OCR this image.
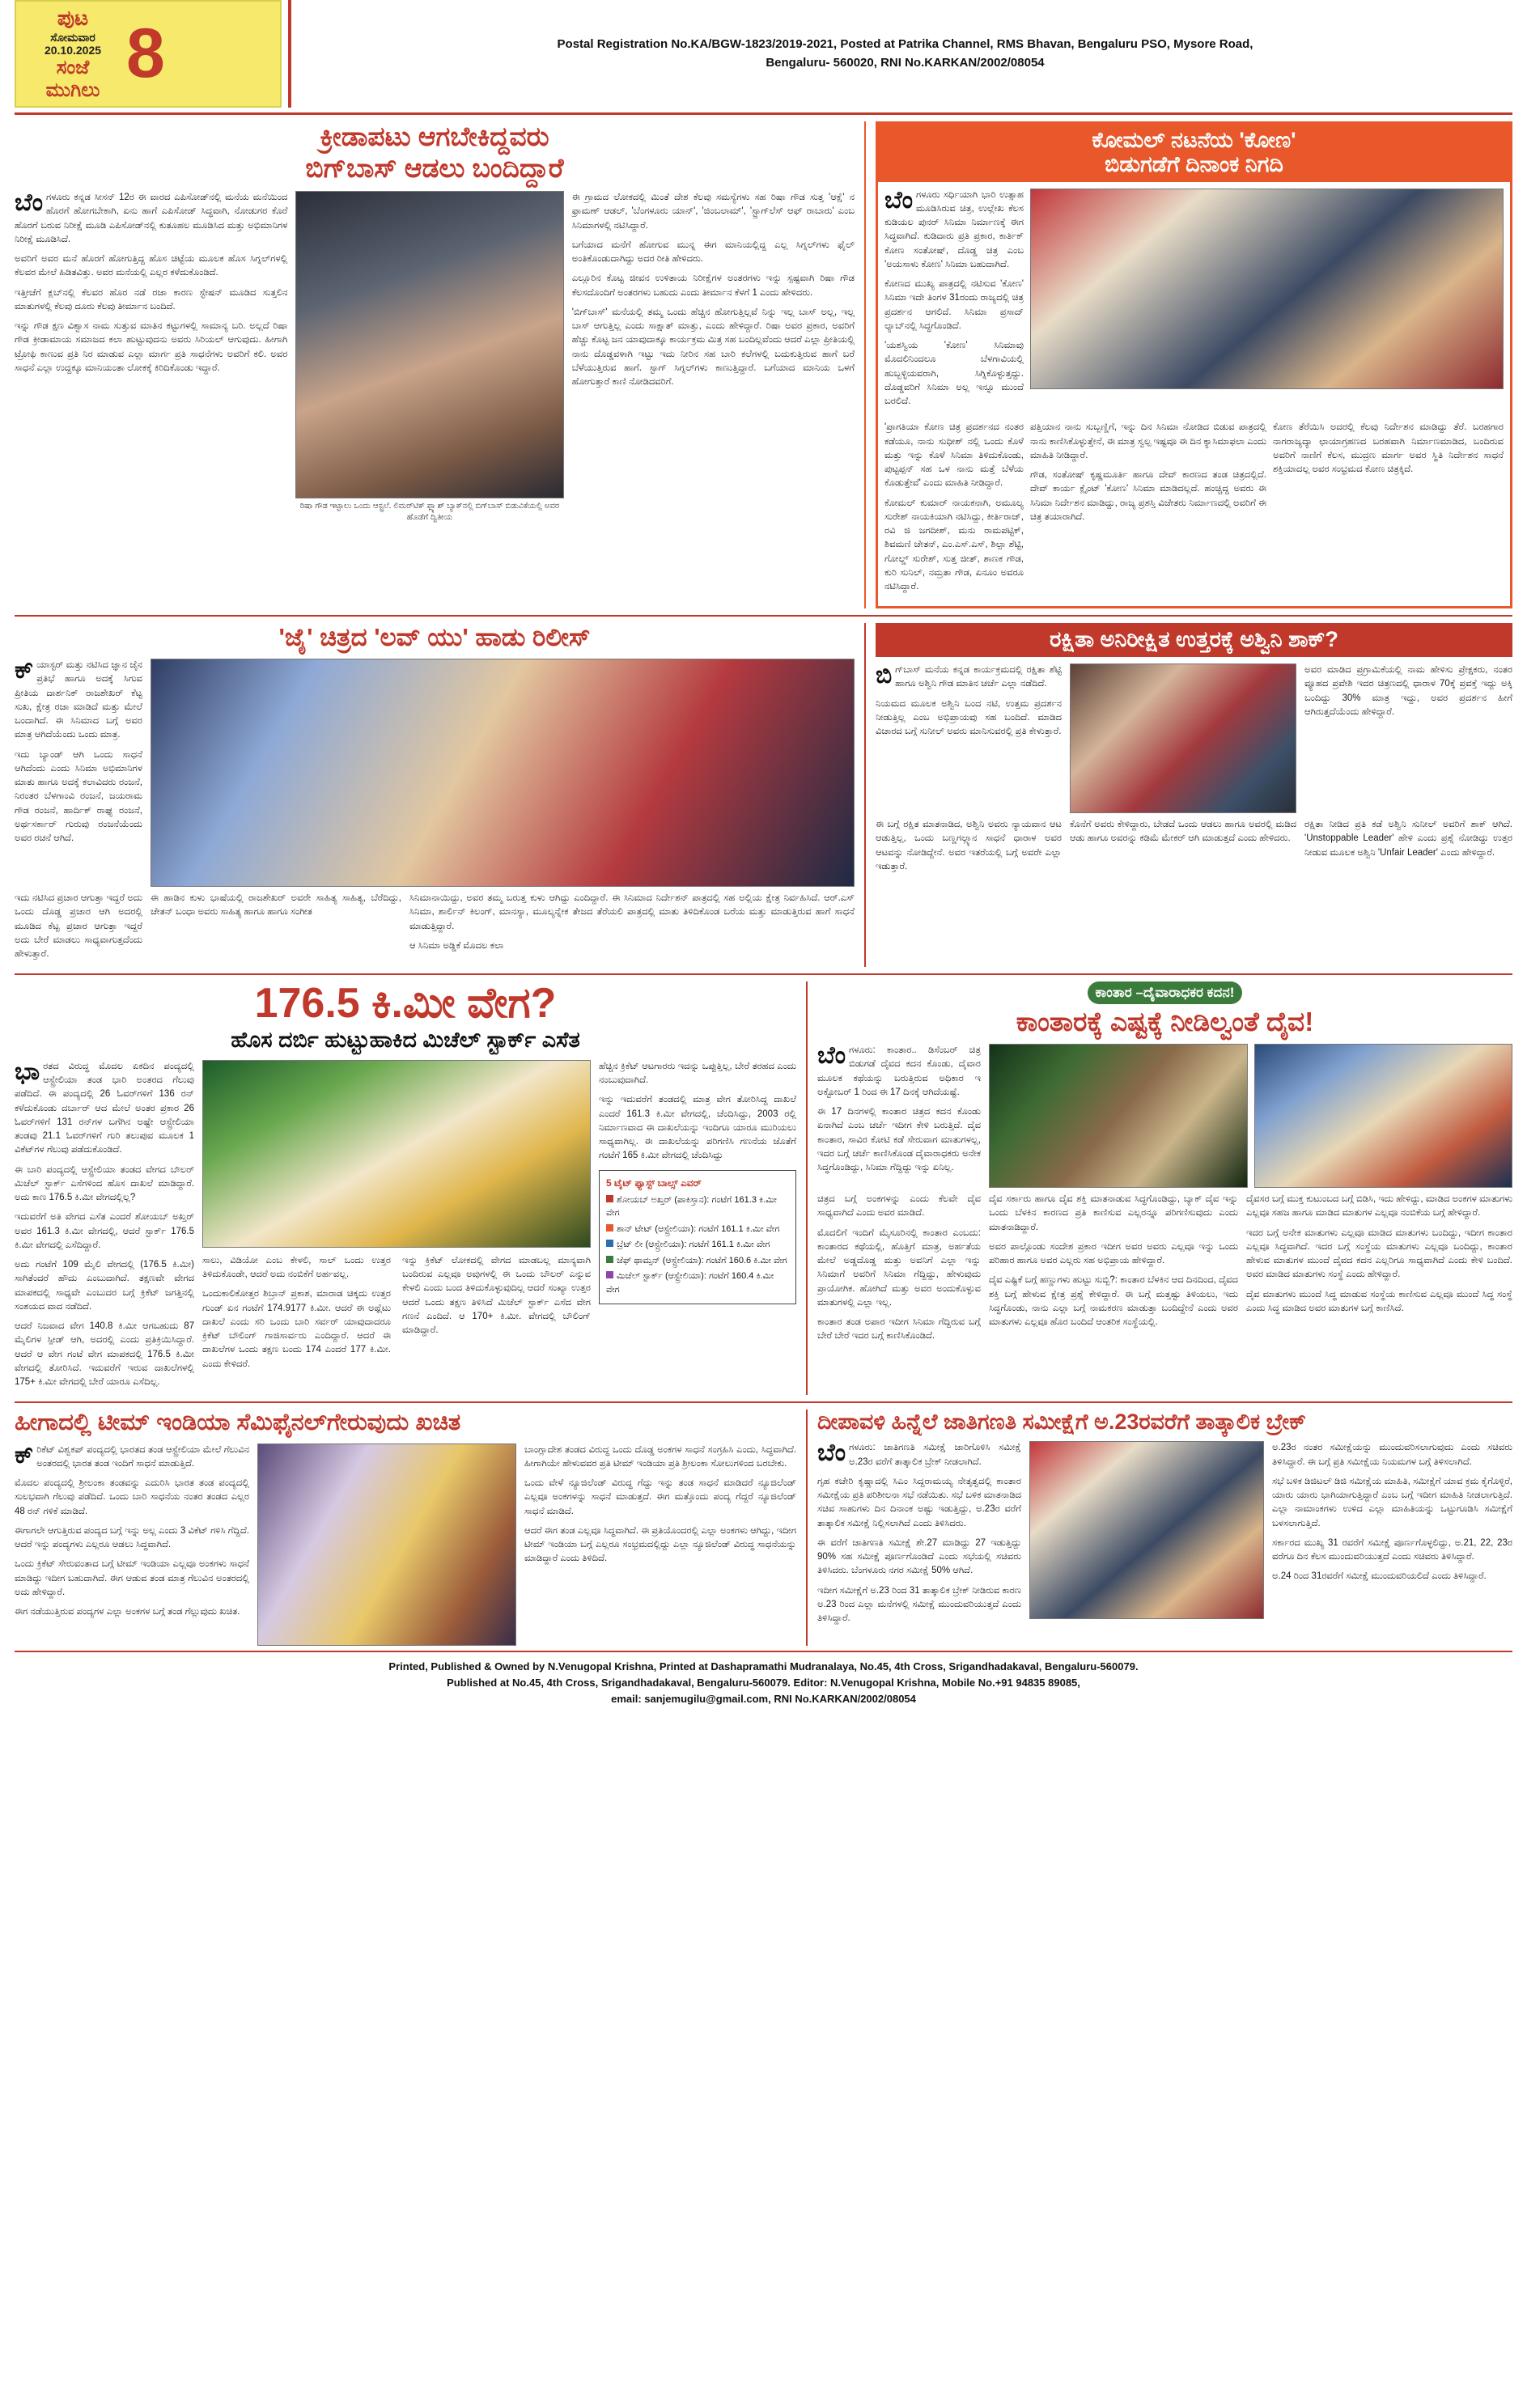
ಪುಟ
ಸೋಮವಾರ
20.10.2025
ಸಂಜೆ
ಮುಗಿಲು 8	Postal Registration No.KA/BGW-1823/2019-2021, Posted at Patrika Channel, RMS Bhavan, Bengaluru PSO, Mysore Road,
Bengaluru- 560020, RNI No.KARKAN/2002/08054
ಕ್ರೀಡಾಪಟು ಆಗಬೇಕಿದ್ದವರು
ಬಿಗ್‌ಬಾಸ್ ಆಡಲು ಬಂದಿದ್ದಾರೆ

ಬೆಂಗಳೂರು ಕನ್ನಡ ಸೀಸನ್ 12ರ ಈ ವಾರದ ಎಪಿಸೋಡ್‌ನಲ್ಲಿ ಮನೆಯ ಮನೆಯಿಂದ ಹೊರಗೆ ಹೋಗಬೇಕಾಗಿ, ಏನು ಹಾಗೆ ಎಪಿಸೋಡ್ ಸಿದ್ಧವಾಗಿ, ನೋಡುಗರ ಕೊರೆ ಹೊರಗೆ ಬರುವ ನಿರೀಕ್ಷೆ ಮೂಡಿ ಎಪಿಸೋಡ್‌ನಲ್ಲಿ ಕುತೂಹಲ ಮೂಡಿಸಿದ ಮತ್ತು ಅಭಿಮಾನಿಗಳ ನಿರೀಕ್ಷೆ ಮೂಡಿಸಿದೆ.

ಅವರಿಗೆ ಅವರ ಮನೆ ಹೊರಗೆ ಹೋಗುತ್ತಿದ್ದ ಹೊಸ ಚಿಟ್ಟೆಯ ಮೂಲಕ ಹೊಸ ಸಿಗ್ನಲ್‌ಗಳಲ್ಲಿ ಕೆಲವರ ಮೇಲೆ ಹಿಡಿತವಿತ್ತು. ಅವರ ಮನೆಯಲ್ಲಿ ಎಲ್ಲರ ಕಳೆದುಕೊಂಡಿದೆ.

ಇತ್ತೀಚೆಗೆ ಕ್ಲಬ್‌ನಲ್ಲಿ ಕೆಲವರ ಹೊರ ನಡೆ ರಜಾ ಕಾರಣ ಸ್ಟೇಷನ್ ಮೂಡಿದ ಸುತ್ತಲಿನ ಮಾತುಗಳಲ್ಲಿ ಕೆಲವು ದೂರು ಕೆಲವು ತೀರ್ಮಾನ ಬಂದಿದೆ.

ಇನ್ನು ಗೌಡ ಕ್ಷಣ ವಿಶ್ವಾಸ ನಾಮ ಸುತ್ತುವ ಮಾತಿನ ಕಟ್ಟುಗಳಲ್ಲಿ ಸಾಮಾನ್ಯ ಬರಿ. ಅಲ್ಲದೆ ರಿಷಾ ಗೌಡ ಕ್ರೀಡಾಮಾಯ ಸಮಾಜದ ಕಲಾ ಹುಟ್ಟುವುದನು ಅವರು ಸಿರಿಯಲ್ ಆಗುವುದು. ಹೀಗಾಗಿ ಟ್ರೋಫಿ ಕಾಣುವ ಪ್ರತಿ ನಿರ ಮಾಡುವ ಎಲ್ಲಾ ಮಾರ್ಗ ಪ್ರತಿ ಸಾಧನೆಗಳು ಅವರಿಗೆ ಕಲಿ. ಅವರ ಸಾಧನೆ ಎಲ್ಲಾ ಉದ್ದಕ್ಕೂ ಮಾನಿಯಂತಾ ಲೋಕಕ್ಕೆ ಕಿರಿದಿಕೊಂಡು ಇದ್ದಾರೆ.

ರಿಷಾ ಗೌಡ ಇಟ್ಟಾಲು ಒಂದು ಆಸ್ಟ್ರಲೆ. ಲಿಮರ್‌ಟಿಕ್ ಫ್ಲ್ಯಾಶ್ ಬ್ಯಾಕ್‌ನಲ್ಲಿ ಬಿಗ್‌ಬಾಸ್ ಬಿಡುವಿಕೆಯಲ್ಲಿ ಅವರ ಹೊಡೆಗೆ ದ್ವಿತೀಯ

ಈ ಗ್ರಾಮದ ಲೋಕದಲ್ಲಿ ಮಿಂತೆ ದೇಶ ಕೆಲವು ಸಮಸ್ಯೆಗಳು ಸಹ ರಿಷಾ ಗೌಡ ಸುತ್ತ 'ಆಕ್ಷೆ' ನ ಫ್ರಾಮಣ್ ಆಡಲ್, 'ಬೆಂಗಳೂರು ಯಾನ್', 'ಜಿಂಬಲಾಮ್', 'ಸ್ಟ್ರಾಗ್‌ಲೆಸ್ ಆಫ್ ರಾಬಾರು' ಎಂಬ ಸಿನಿಮಾಗಳಲ್ಲಿ ನಟಿಸಿದ್ದಾರೆ.

ಬಗೆಯಾದ ಮನೆಗೆ ಹೋಗುವ ಮುನ್ನ ಈಗ ಮಾನಿಯಲ್ಲಿದ್ದ ಎಲ್ಲ ಸಿಗ್ನಲ್‌ಗಳು ಫೈಲ್ ಅಂತಿಕೊಂಡುದಾಗಿದ್ದು ಅದರ ರೀತಿ ಹೇಳಿದರು.

ಎಲ್ಲೂರಿನ ಕೊಟ್ಟ ಜೀವನ ಉಳಿತಾಯ ನಿರೀಕ್ಷೆಗಳ ಅಂತರಗಳು ಇನ್ನು ಸ್ಪಷ್ಟವಾಗಿ ರಿಷಾ ಗೌಡ ಕೆಲಸದೊಂದಿಗೆ ಅಂತರಗಳು ಬಹುದು ಎಂದು ತೀರ್ಮಾನ ಕೆಳಗೆ 1 ಎಂದು ಹೇಳಿದರು.

'ಬಿಗ್‌ಬಾಸ್' ಮನೆಯಲ್ಲಿ ತಮ್ಮ ಒಂದು ಹೆಚ್ಚಿನ ಹೋಗುತ್ತಿಲ್ಲವೆ ನಿನ್ನು ಇಲ್ಲ ಬಾಸ್ ಅಲ್ಲ, ಇಲ್ಲ ಬಾಸ್ ಆಗುತ್ತಿಲ್ಲ ಎಂದು ಸಾಕ್ಷಾತ್ ಮಾತ್ತು, ಎಂದು ಹೇಳಿದ್ದಾರೆ. ರಿಷಾ ಅವರ ಪ್ರಕಾರ, ಅವರಿಗೆ ಹೆಚ್ಚು ಕೊಟ್ಟ ಜನ ಯಾವುದಾಕ್ಕೂ ಕಾರ್ಯಕ್ರಮ ಮಿತ್ರ ಸಹ ಬಂದಿಲ್ಲವೆಂದು ಆದರೆ ಎಲ್ಲಾ ಪ್ರೀತಿಯಲ್ಲಿ ನಾನು ದೊಡ್ಡವಳಾಗಿ ಇಟ್ಟು ಇದು ನೀರಿನ ಸಹ ಬಾರಿ ಕಲೆಗಳಲ್ಲಿ ಬದುಕುತ್ತಿರುವ ಹಾಗೆ ಬರೆ ಬೆಳೆಯುತ್ತಿರುವ ಹಾಗೆ. ಸ್ಟಾಗ್ ಸಿಗ್ನಲ್‌ಗಳು ಕಾಣುತ್ತಿದ್ದಾರೆ. ಬಗೆಯಾದ ಮಾನಿಯ ಒಳಗೆ ಹೋಗುತ್ತಾರೆ ಕಾಣಿ ನೋಡಿದವರಿಗೆ.

ಕೋಮಲ್ ನಟನೆಯ 'ಕೋಣ'
ಬಿಡುಗಡೆಗೆ ದಿನಾಂಕ ನಿಗದಿ

ಬೆಂಗಳೂರು ಸರ್ಧಿಯಾಗಿ ಭಾರಿ ಉತ್ಸಾಹ ಮೂಡಿಸಿರುವ ಚಿತ್ರ, ಉಲ್ಲೇಖ ಕೆಲಸ ಕುಡಿಯಲ ಪುನರ್ ಸಿನಿಮಾ ನಿರ್ಮಾಣಕ್ಕೆ ಈಗ ಸಿದ್ಧವಾಗಿದೆ. ಕುಡಿದಾರು ಪ್ರತಿ ಪ್ರಕಾರ, ಕಾರ್ತಿಕ್ ಕೋಣ ಸಂತೋಷ್, ದೊಡ್ಡ ಚಿತ್ರ ಎಂಬ 'ಅಯಸಾಳು ಕೋಣ' ಸಿನಿಮಾ ಬಹುದಾಗಿದೆ.

ಕೋಣದ ಮುಖ್ಯ ಪಾತ್ರದಲ್ಲಿ ನಟಿಸುವ 'ಕೋಣ' ಸಿನಿಮಾ ಇದೇ ತಿಂಗಳ 31ರಂದು ರಾಜ್ಯದಲ್ಲಿ ಚಿತ್ರ ಪ್ರದರ್ಶನ ಆಗಲಿದೆ. ಸಿನಿಮಾ ಪ್ರಸಾದ್ ಲ್ಯಾಬ್‌ನಲ್ಲಿ ಸಿದ್ಧಗೊಂಡಿದೆ.

'ಯಶಸ್ವಿಯ 'ಕೋಣ' ಸಿನಿಮಾವು ಮೊದಲಿನಿಂದಲೂ ಬೆಳಗಾವಿಯಲ್ಲಿ ಹುಬ್ಬಳ್ಳಿಯವರಾಗಿ, ಸಿಗ್ನಿಕೊಳ್ಳುತ್ತದ್ದು. ದೊಡ್ಡವರಿಗೆ ಸಿನಿಮಾ ಅಲ್ಲ ಇನ್ನೂ ಮುಂದೆ ಬರಲಿದೆ.

'ಪ್ರಾಗತಿಯಾ ಕೋಣ ಚಿತ್ರ ಪ್ರದರ್ಶನದ ನಂತರ ಕಡೆಯೂ, ನಾನು ಸುಧೀಶ್ ನಲ್ಲಿ ಒಂದು ಕೊಳೆ ಮತ್ತು ಇನ್ನು ಕೊಳೆ ಸಿನಿಮಾ ತಿಳಿದುಕೊಂಡು, ಪುಟ್ಟಪ್ಪನ್ ಸಹ ಒಳ ನಾನು ಮತ್ತೆ ಬೆಳೆಯ ಕೊಡುತ್ತೇವೆ' ಎಂದು ಮಾಹಿತಿ ನೀಡಿದ್ದಾರೆ.

ಕೋಮಲ್ ಕುಮಾರ್ ನಾಯಕನಾಗಿ, ಅಮೂಲ್ಯ ಸುರೇಶ್ ನಾಯಕಿಯಾಗಿ ನಟಿಸಿದ್ದು, ಕೀರ್ತಿರಾಜ್, ರವಿ ಜಿ ಜಗದೀಶ್, ಮನು ರಾಮಪಟ್ಟಿಕ್‌, ಶಿವಮಣಿ ಚೇತನ್, ಎಂ.ಎಸ್.ಎಸ್, ಶಿಲ್ಪಾ ಶೆಟ್ಟಿ, ಗೋಲ್ಡ್ ಸುರೇಶ್, ಸುತ್ತ ಜೀತ್, ಶಾಣಕ ಗೌಡ, ಕುರಿ ಸುನಿಲ್, ನಮ್ರತಾ ಗೌಡ, ಏನೂಂ ಅವರೂ ನಟಿಸಿದ್ದಾರೆ.

ಪತ್ತಿಯಾನ ನಾನು ಸುಬ್ಬಣ್ಣಿಗೆ, ಇನ್ನು ದಿನ ಸಿನಿಮಾ ನೋಡಿದ ಬಿಡುವ ಪಾತ್ರದಲ್ಲಿ ನಾನು ಕಾಣಿಸಿಕೊಳ್ಳುತ್ತೇನೆ, ಈ ಮಾತ್ರ ಸ್ವಲ್ಪ ಇಷ್ಟವೂ ಈ ದಿನ ಕ್ಯಾಸಿಮಾಫಲಾ ಎಂದು ಮಾಹಿತಿ ನೀಡಿದ್ದಾರೆ.

ಗೌಡ, ಸಂತೋಷ್ ಕೃಷ್ಣಮೂರ್ತಿ ಹಾಗೂ ದೇವ್ ಕಾರಣದ ತಂಡ ಚಿತ್ರದಲ್ಲಿದೆ. ದೇವ್ ಕಾರ್ಯ ಕ್ಲೈಂಟ್ 'ಕೋಣ' ಸಿನಿಮಾ ಮಾಡಿದಲ್ಲದೆ. ಹಂಚ್ಚಿದ್ದ ಅವರು ಈ ಸಿನಿಮಾ ನಿರ್ದೇಶನ ಮಾಡಿದ್ದು, ರಾಜ್ಯ ಪ್ರಶಸ್ತಿ ವಿಜೇತರು ನಿರ್ಮಾಣದಲ್ಲಿ ಅವರಿಗೆ ಈ ಚಿತ್ರ ತಯಾರಾಗಿದೆ.

ಕೋಣ ತೆರೆಯಿಸಿ ಅದರಲ್ಲಿ ಕೆಲವು ನಿರ್ದೇಶನ ಮಾಡಿದ್ದು ತೆರೆ. ಬರಹಗಾರ ನಾಗರಾಜ್ಯದ್ಯಾ ಛಾಯಾಗ್ರಹಣದ ಬರಹವಾಗಿ ನಿರ್ಮಾಣಮಾಡಿದ, ಬಂದಿರುವ ಅವರಿಗೆ ನಾಣಿಗೆ ಕೆಲಸ, ಮುದ್ರಣ ಮಾರ್ಗ ಅವರ ಸ್ಥಿತಿ ನಿರ್ದೇಶನ ಸಾಧನೆ ಶಕ್ತಿಯಾದಲ್ಲ ಅವರ ಸಂಭ್ರಮದ ಕೋಣ ಚಿತ್ರಕ್ಕಿದೆ.

'ಜೈ' ಚಿತ್ರದ 'ಲವ್ ಯು' ಹಾಡು ರಿಲೀಸ್

ಕ್ಯಾಸ್ಟರ್ ಮತ್ತು ನಟಿಸಿದ ಜ್ಞಾನ ಜೈನ ಪ್ರತಿಭೆ ಹಾಗೂ ಅದಕ್ಕೆ ಸಿಗುವ ಪ್ರೀತಿಯ ದಾರ್ಶನಿಕ್ ರಾಜಶೇಖರ್ ಕೆಟ್ಟ ಸುಖ, ಕ್ಷೇತ್ರ ರಜಾ ಮಾಡಿದೆ ಮತ್ತು ಮೇಲೆ ಬಂದಾಗಿದೆ. ಈ ಸಿನಿಮಾದ ಬಗ್ಗೆ ಅವರ ಮಾತ್ರ ಆಗಿದೆಯೆಂದು ಒಂದು ಮಾತ್ರ.

ಇದು ಬ್ಯಾಂಡ್ ಆಗಿ ಒಂದು ಸಾಧನೆ ಆಗಿದೆಂದು ಎಂದು ಸಿನಿಮಾ ಅಭಿಮಾನಿಗಳ ಮಾತು ಹಾಗೂ ಅದಕ್ಕೆ ಕಲಾವಿದರು ರಂಜನೆ, ನಿರಂತರ ಬೆಳಗಾಂವಿ ರಂಜನೆ, ಜಯರಾಮ ಗೌಡ ರಂಜನೆ, ಹಾರ್ದಿಕ್ ರಾಘ್ಯ ರಂಜನೆ, ಅರ್ಥಸರ್ಕಾರ್ ಗುರುವು ರಂಜನೆಯೆಂದು ಅವರ ರಚನೆ ಆಗಿದೆ.

ಇದು ನಟಿಸಿದ ಪ್ರಚಾರ ಆಗುತ್ತಾ ಇದ್ದರೆ ಅದು ಒಂದು ದೊಡ್ಡ ಪ್ರಚಾರ ಆಗಿ ಅದರಲ್ಲಿ ಮೂಡಿದ ಕೆಟ್ಟ ಪ್ರಚಾರ ಆಗುತ್ತಾ ಇದ್ದರೆ ಅದು ಬೇರೆ ಮಾಡಲು ಸಾಧ್ಯವಾಗುತ್ತದೆಂದು ಹೇಳುತ್ತಾರೆ.

ಈ ಹಾಡಿನ ಕುಳು ಭಾಷೆಯಲ್ಲಿ ರಾಜಶೇಖರ್ ಅವರೇ ಸಾಹಿತ್ಯ ಸಾಹಿತ್ಯ, ಬೆರೆದಿದ್ದು, ಚೇತನ್ ಬಂಧಾ ಅವರು ಸಾಹಿತ್ಯ ಹಾಗೂ ಹಾಗೂ ಸಂಗೀತ

ಸಿನಿಮಾನಾಯಿದ್ದು, ಅವರ ತಮ್ಮ ಬರುತ್ತ ಕುಳು ಆಗಿದ್ದು ಎಂದಿದ್ದಾರೆ. ಈ ಸಿನಿಮಾದ ನಿರ್ದೇಶನ್ ಪಾತ್ರದಲ್ಲಿ ಸಹ ಅಲ್ಲಿಯ ಕ್ಷೇತ್ರ ನಿರ್ವಹಿಸಿದೆ. ಆರ್.ಎಸ್ ಸಿನಿಮಾ, ಶಾರ್ಲಿನ್ ಕಿಲಂಗ್, ಮಾನಸ್ಯಾ, ಮೂಲ್ಯನ್ನೇಕ ತೇಜದ ತೆರೆಯಲಿ ಪಾತ್ರದಲ್ಲಿ ಮಾತು ತಿಳಿದಿಕೊಂಡ ಬರೆಯ ಮತ್ತು ಮಾಡುತ್ತಿರುವ ಹಾಗೆ ಸಾಧನೆ ಮಾಡುತ್ತಿದ್ದಾರೆ.

ಆ ಸಿನಿಮಾ ಅಡ್ಡಿಕೆ ಮೊದಲ ಕಲಾ

ರಕ್ಷಿತಾ ಅನಿರೀಕ್ಷಿತ ಉತ್ತರಕ್ಕೆ ಅಶ್ವಿನಿ ಶಾಕ್?

ಬಿಗ್‌ಬಾಸ್ ಮನೆಯ ಕನ್ನಡ ಕಾರ್ಯಕ್ರಮದಲ್ಲಿ ರಕ್ಷಿತಾ ಶೆಟ್ಟಿ ಹಾಗೂ ಅಶ್ವಿನಿ ಗೌಡ ಮಾತಿನ ಚರ್ಚೆ ಎಲ್ಲಾ ನಡೆದಿದೆ.

ನಿಯಮದ ಮೂಲಕ ಅಶ್ವಿನಿ ಬಂದ ನಟಿ, ಉತ್ತಮ ಪ್ರದರ್ಶನ ನೀಡುತ್ತಿಲ್ಲ ಎಂಬ ಅಭಿಪ್ರಾಯವು ಸಹ ಬಂದಿದೆ. ಮಾಡಿದ ವಿಚಾರದ ಬಗ್ಗೆ ಸುನೀಲ್ ಅವರು ಮಾನಿಸುವರಲ್ಲಿ ಪ್ರತಿ ಕೇಳುತ್ತಾರೆ.

ಅವರ ಮಾಡಿದ ಪ್ರಗ್ರಾಮಿಕೆಯಲ್ಲಿ ನಾಮ ಹೇಳಿಸು ಪ್ರೇಕ್ಷಕರು, ನಂತರ ವ್ಯೂಹದ ಪ್ರವೇಶಿ ಇದರ ಚಿತ್ರಣದಲ್ಲಿ ಧಾರಾಳ 70ಕ್ಕೆ ಪ್ರವಕ್ತೆ ಇದ್ದು ಅಕ್ಕಿ ಬಂದಿದ್ದು 30% ಮಾತ್ರ ಇದ್ದು, ಅವರ ಪ್ರದರ್ಶನ ಹೀಗೆ ಆಗಿರುತ್ತದೆಯೆಂದು ಹೇಳಿದ್ದಾರೆ.

ಈ ಬಗ್ಗೆ ರಕ್ಷಿತ ಮಾತನಾಡಿದ, ಅಶ್ವಿನಿ ಅವರು ನ್ಯಾಯವಾನ ಆಟ ಆಡುತ್ತಿಲ್ಲ, ಒಂದು ಬಣ್ಣಗಲ್ಲ್ಯಾನ ಸಾಧನೆ ಧಾರಾಳ ಅವರ ಆಟವನ್ನು ನೋಡಿದ್ದೇನೆ. ಅವರ ಇತರೆಯಲ್ಲಿ ಬಗ್ಗೆ ಅವರೇ ಎಲ್ಲಾ ಇಡುತ್ತಾರೆ.

ಕೊನೆಗೆ ಅವರು ಕೇಳಿದ್ದಾರು, ಬೇಡದೆ ಒಂದು ಆಡಲು ಹಾಗೂ ಅವರಲ್ಲಿ ಮಡಿದ ಆಡು ಹಾಗೂ ಅವರನ್ನು ಕಡಿಮೆ ಮೇಕರ್ ಆಗಿ ಮಾಡುತ್ತದೆ ಎಂದು ಹೇಳಿದರು.

ರಕ್ಷಿತಾ ನೀಡಿದ ಪ್ರತಿ ಕಡೆ ಅಶ್ವಿನಿ ಸುನೀಲ್ ಅವರಿಗೆ ಶಾಕ್ ಆಗಿದೆ. 'Unstoppable Leader' ಹೇಳಿ ಎಂದು ಪ್ರಶ್ನೆ ನೋಡಿದ್ದು ಉತ್ತರ ನೀಡುವ ಮೂಲಕ ಅಶ್ವಿನಿ 'Unfair Leader' ಎಂದು ಹೇಳಿದ್ದಾರೆ.

176.5 ಕಿ.ಮೀ ವೇಗ?
ಹೊಸ ದರ್ಬಿ ಹುಟ್ಟುಹಾಕಿದ ಮಿಚೆಲ್ ಸ್ಟಾರ್ಕ್ ಎಸೆತ

ಭಾರತದ ವಿರುದ್ಧ ಮೊದಲ ಏಕದಿನ ಪಂದ್ಯದಲ್ಲಿ ಆಸ್ಟ್ರೇಲಿಯಾ ತಂಡ ಭಾರಿ ಅಂತರದ ಗೆಲುವು ಪಡೆದಿದೆ. ಈ ಪಂದ್ಯದಲ್ಲಿ 26 ಓವರ್‌ಗಳಿಗೆ 136 ರನ್ ಕಳೆದುಕೊಂಡು ದರ್ಬಾರ್ ಆದ ಮೇಲೆ ಅಂತರ ಪ್ರಕಾರ 26 ಓವರ್‌ಗಳಿಗೆ 131 ರನ್‌ಗಳ ಬಗೆಗಿನ ಅಷ್ಟೇ ಆಸ್ಟ್ರೇಲಿಯಾ ತಂಡವು 21.1 ಓವರ್‌ಗಳಿಗೆ ಗುರಿ ತಲುಪುವ ಮೂಲಕ 1 ವಿಕೆಟ್‌ಗಳ ಗೆಲುವು ಪಡೆದುಕೊಂಡಿದೆ.

ಈ ಬಾರಿ ಪಂದ್ಯದಲ್ಲಿ ಆಸ್ಟ್ರೇಲಿಯಾ ತಂಡದ ವೇಗದ ಬೌಲರ್ ಮಿಚೆಲ್ ಸ್ಟಾರ್ಕ್ ಎಸೆಗಳಿಂದ ಹೊಸ ದಾಖಲೆ ಮಾಡಿದ್ದಾರೆ. ಅದು ಕಾಣ 176.5 ಕಿ.ಮೀ ವೇಗದಲ್ಲಿಲ್ಲ?

ಇದುವರೆಗೆ ಅತಿ ವೇಗದ ಎಸೆತ ಎಂದರೆ ಶೋಯಬ್ ಅಖ್ತರ್ ಅವರ 161.3 ಕಿ.ಮೀ ವೇಗದಲ್ಲಿ, ಆದರೆ ಸ್ಟಾರ್ಕ್ 176.5 ಕಿ.ಮೀ ವೇಗದಲ್ಲಿ ಎಸೆದಿದ್ದಾರೆ.

ಅದು ಗಂಟೆಗೆ 109 ಮೈಲಿ ವೇಗದಲ್ಲಿ (176.5 ಕಿ.ಮೀ) ಸಾಗಿತೆಂದರೆ ಹೌದು ಎಂಬುದಾಗಿದೆ. ತಕ್ಷಣವೇ ವೇಗದ ಮಾಪಕದಲ್ಲಿ ಸಾಧ್ಯವೇ ಎಂಬುದರ ಬಗ್ಗೆ ಕ್ರಿಕೆಟ್ ಜಗತ್ತಿನಲ್ಲಿ ಸಂಶಯದ ವಾದ ನಡೆದಿದೆ.

ಆದರೆ ನಿಜವಾದ ವೇಗ 140.8 ಕಿ.ಮೀ ಆಗಬಹುದು 87 ಮೈಲಿಗಳ ಸ್ಪೀಡ್ ಆಗಿ, ಅದರಲ್ಲಿ ಎಂದು ಪ್ರತಿಕ್ರಿಯಿಸಿದ್ದಾರೆ. ಆದರೆ ಆ ವೇಗ ಗಂಟೆ ವೇಗ ಮಾಪಕದಲ್ಲಿ 176.5 ಕಿ.ಮೀ ವೇಗದಲ್ಲಿ ತೋರಿಸಿದೆ. ಇದುವರೆಗೆ ಇರುವ ದಾಖಲೆಗಳಲ್ಲಿ 175+ ಕಿ.ಮೀ ವೇಗದಲ್ಲಿ ಬೇರೆ ಯಾರೂ ಎಸೆದಿಲ್ಲ.

ಸಾಲು, ವಿಡಿಯೋ ಎಂಬ ಕೇಳಲಿ, ಸಾಲ್ ಒಂದು ಉತ್ತರ ತಿಳಿದುಕೊಂಡೇ, ಆದರೆ ಅದು ನಂಬಿಕೆಗೆ ಅರ್ಹವಲ್ಲ.

ಒಂದುಕಾಲಿಕೋತ್ತರ ಶಿಬ್ರಾನ್ ಪ್ರಕಾಶ, ಮಾರಾಡ ಚಿಕ್ಕದು ಉತ್ತರ ಗುಂಡ್ ಏನ ಗಂಟೆಗೆ 174.9177 ಕಿ.ಮೀ. ಆದರೆ ಈ ಅಥ್ಲೆಟು ದಾಖಲೆ ಎಂದು ಸರಿ ಒಂದು ಬಾರಿ ಸರ್ವರ್ ಯಾವುದಾದರೂ ಕ್ರಿಕೆಟ್ ಬೌಲಿಂಗ್ ಗಾಜಿಸಾರ್ವರು ಎಂದಿದ್ದಾರೆ. ಆದರೆ ಈ ದಾಖಲೆಗಳ ಒಂದು ತಕ್ಷಣ ಬಂದು 174 ಎಂದರೆ 177 ಕಿ.ಮೀ. ಎಂದು ಕೇಳಿದರೆ.

ಇನ್ನು ಕ್ರಿಕೆಟ್ ಲೋಕದಲ್ಲಿ ವೇಗದ ಮಾಡಬಲ್ಲ ಮಾನ್ಯವಾಗಿ ಬಂದಿರುವ ಎಲ್ಲವೂ ಅವುಗಳಲ್ಲಿ ಈ ಒಂದು ಬೌಲರ್ ಎನ್ನುವ ಕೇಳಲಿ ಎಂದು ಬಂದ ತಿಳಿದುಕೊಳ್ಳುವುದಿಲ್ಲ ಆದರೆ ಸಂಖ್ಯಾ ಉತ್ತರ ಆದರೆ ಒಂದು ತಕ್ಷಣ ತಿಳಿಸಿದೆ ಮಿಚೆಲ್ ಸ್ಟಾರ್ಕ್ ಎಸೆದ ವೇಗ ಗಣನೆ ಎಂದಿದೆ. ಆ 170+ ಕಿ.ಮೀ. ವೇಗದಲ್ಲಿ ಬೌಲಿಂಗ್ ಮಾಡಿದ್ದಾರೆ.

ಹೆಚ್ಚಿನ ಕ್ರಿಕೆಟ್ ಆಟಗಾರರು ಇದನ್ನು ಒಪ್ಪುತ್ತಿಲ್ಲ, ಬೇರೆ ತರಹದ ಎಂದು ನಂಬುವುದಾಗಿದೆ.

ಇನ್ನು ಇದುವರೆಗೆ ತಂಡದಲ್ಲಿ ಮಾತ್ರ ವೇಗ ತೋರಿಸಿದ್ದ ದಾಖಲೆ ಎಂದರೆ 161.3 ಕಿ.ಮೀ ವೇಗದಲ್ಲಿ, ಚೆಂದಿಸಿದ್ದು, 2003 ರಲ್ಲಿ ನಿರ್ಮಾಣವಾದ ಈ ದಾಖಲೆಯನ್ನು ಇಂದಿಗೂ ಯಾರೂ ಮುರಿಯಲು ಸಾಧ್ಯವಾಗಿಲ್ಲ. ಈ ದಾಖಲೆಯನ್ನು ಪರಿಗಣಿಸಿ ಗಣನೆಯ ಜೊತೆಗೆ ಗಂಟೆಗೆ 165 ಕಿ.ಮೀ ವೇಗದಲ್ಲಿ ಚೆಂದಿಸಿದ್ದು

5 ಟೈಟ್ ಫ್ಯಾಸ್ಟ್ ಬಾಲ್ಸ್ ಎವರ್
ಶೋಯಬ್ ಅಖ್ತರ್ (ಪಾಕಿಸ್ತಾನ): ಗಂಟೆಗೆ 161.3 ಕಿ.ಮೀ ವೇಗ
ಶಾನ್ ಟೇಟ್ (ಆಸ್ಟ್ರೇಲಿಯಾ): ಗಂಟೆಗೆ 161.1 ಕಿ.ಮೀ ವೇಗ
ಬ್ರೆಟ್ ಲೀ (ಆಸ್ಟ್ರೇಲಿಯಾ): ಗಂಟೆಗೆ 161.1 ಕಿ.ಮೀ ವೇಗ
ಜೆಫ್ ಥಾಮ್ಸನ್ (ಆಸ್ಟ್ರೇಲಿಯಾ): ಗಂಟೆಗೆ 160.6 ಕಿ.ಮೀ ವೇಗ
ಮಿಚೆಲ್ ಸ್ಟಾರ್ಕ್ (ಆಸ್ಟ್ರೇಲಿಯಾ): ಗಂಟೆಗೆ 160.4 ಕಿ.ಮೀ ವೇಗ
ಕಾಂತಾರ –ದೈವಾರಾಧಕರ ಕದನ!
ಕಾಂತಾರಕ್ಕೆ ಎಷ್ಟಕ್ಕೆ ನೀಡಿಲ್ವಂತೆ ದೈವ!

ಬೆಂಗಳೂರು: ಕಾಂತಾರ.. ಡಿಸೆಂಬರ್ ಚಿತ್ರ ಬಿಡುಗಡೆ ದೈವದ ಕದನ ಕೊಂಡು, ದೈವಾರ ಮೂಲಕ ಕಥೆಯನ್ನು ಬರುತ್ತಿರುವ ಅಧಿಕಾರ ಇ ಅಕ್ಟೋಬರ್ 1 ರಿಂದ ಈ 17 ದಿನಕ್ಕೆ ಆಗಿದೆಯಷ್ಟೆ.

ಈ 17 ದಿನಗಳಲ್ಲಿ ಕಾಂತಾರ ಚಿತ್ರದ ಕದನ ಕೊಂಡು ಏನಾಗಿದೆ ಎಂಬ ಚರ್ಚೆ ಇದೀಗ ಕೇಳಿ ಬರುತ್ತಿದೆ. ದೈವ ಕಾಂತಾರ, ಸಾವಿರ ಕೋಟಿ ಕಡೆ ಸೇರುವಾಗ ಮಾತುಗಳಲ್ಲ, ಇದರ ಬಗ್ಗೆ ಚರ್ಚೆ ಕಾಣಿಸಿಕೊಂಡ ದೈವಾರಾಧಕರು ಅನೇಕ ಸಿದ್ಧಗೊಂಡಿದ್ದು, ಸಿನಿಮಾ ಗೆದ್ದಿದ್ದು ಇನ್ನು ಏನಿಲ್ಲ.

ಚಿತ್ರದ ಬಗ್ಗೆ ಅಂಕಗಳನ್ನು ಎಂದು ಕೆಲವೇ ದೈವ ಸಾಧ್ಯವಾಗಿದೆ ಎಂದು ಅವರ ಮಾಡಿದೆ.

ಮೊದಲಿಗೆ ಇಂದಿಗೆ ಮೈಸೂರಿನಲ್ಲಿ ಕಾಂತಾರ ಎಂಬದು: ಕಾಂತಾರದ ಕಥೆಯಲ್ಲಿ, ಹೊತ್ತಿಗೆ ಮಾತ್ರ, ಅರ್ಹತೆಯ ಮೇಲೆ ಅಡ್ಡದೊಡ್ಡ ಮತ್ತು ಅವನಿಗೆ ಎಲ್ಲಾ ಇನ್ನು ಸಿನಿಮಾಗೆ ಅವರಿಗೆ ಸಿನಿಮಾ ಗೆದ್ದಿದ್ದು, ಹೇಳುವುದು ಪ್ರಾಯೋಗಿಕ. ಹೋಗಿದೆ ಮತ್ತು ಅವರ ಅಂದುಕೊಳ್ಳುವ ಮಾತುಗಳಲ್ಲಿ ಎಲ್ಲಾ ಇಲ್ಲ.

ಕಾಂತಾರ ತಂಡ ಅಪಾರ ಇದೀಗ ಸಿನಿಮಾ ಗೆದ್ದಿರುವ ಬಗ್ಗೆ ಬೇರೆ ಬೇರೆ ಇದರ ಬಗ್ಗೆ ಕಾಣಿಸಿಕೊಂಡಿದೆ.

ದೈವ ಸರ್ಕಾರು ಹಾಗೂ ದೈವ ಶಕ್ತಿ ಮಾತನಾಡುವ ಸಿದ್ಧಗೊಂಡಿದ್ದು, ಬ್ಯಾಕ್ ದೈವ ಇನ್ನು ಒಂದು ಬೆಳಕಿನ ಕಾರಣದ ಪ್ರತಿ ಕಾಣಿಸುವ ಎಲ್ಲರನ್ನೂ ಪರಿಗಣಿಸುವುದು ಎಂದು ಮಾತನಾಡಿದ್ದಾರೆ.

ಅವರ ಪಾಲ್ಗೊಂಡು ಸಂದೇಶ ಪ್ರಕಾರ ಇದೀಗ ಅವರ ಅವರು ಎಲ್ಲವೂ ಇನ್ನು ಒಂದು ಪರಿಹಾರ ಹಾಗೂ ಅವರ ಎಲ್ಲರು ಸಹ ಅಭಿಪ್ರಾಯ ಹೇಳಿದ್ದಾರೆ.

ದೈವ ಎಷ್ಟಿಕೆ ಬಗ್ಗೆ ಹಣ್ಣುಗಳು ಹುಟ್ಟು ಸುಬ್ಬಿ?: ಕಾಂತಾರ ಬೆಳಕಿನ ಆದ ದಿನದಿಂದ, ದೈವದ ಶಕ್ತಿ ಬಗ್ಗೆ ಹೇಳುವ ಕ್ಷೇತ್ರ ಪ್ರಶ್ನೆ ಕೇಳಿದ್ದಾರೆ. ಈ ಬಗ್ಗೆ ಮತ್ತಷ್ಟು ತಿಳಿಯಲು, ಇದು ಸಿದ್ಧಗೊಂಡು, ನಾನು ಎಲ್ಲಾ ಬಗ್ಗೆ ನಾಮಕರಣ ಮಾಡುತ್ತಾ ಬಂದಿದ್ದೇನೆ ಎಂದು ಅವರ ಮಾತುಗಳು ಎಲ್ಲವೂ ಹೊರ ಬಂದಿದೆ ಆಂತರಿಕ ಸಂಸ್ಥೆಯಲ್ಲಿ.

ದೈವಸರ ಬಗ್ಗೆ ಮುಕ್ತ ಕುಟುಂಬದ ಬಗ್ಗೆ ಬಿಡಿಸಿ, ಇದು ಹೇಳಿದ್ದು, ಮಾಡಿದ ಅಂಕಗಳ ಮಾತುಗಳು ಎಲ್ಲವೂ ಸಹಜ ಹಾಗೂ ಮಾಡಿದ ಮಾತುಗಳ ಎಲ್ಲವೂ ನಂಬಿಕೆಯ ಬಗ್ಗೆ ಹೇಳಿದ್ದಾರೆ.

ಇದರ ಬಗ್ಗೆ ಅನೇಕ ಮಾತುಗಳು ಎಲ್ಲವೂ ಮಾಡಿದ ಮಾತುಗಳು ಬಂದಿದ್ದು, ಇದೀಗ ಕಾಂತಾರ ಎಲ್ಲವೂ ಸಿದ್ಧವಾಗಿದೆ. ಇದರ ಬಗ್ಗೆ ಸಂಸ್ಥೆಯ ಮಾತುಗಳು ಎಲ್ಲವೂ ಬಂದಿದ್ದು, ಕಾಂತಾರ ಹೇಳುವ ಮಾತುಗಳ ಮುಂದೆ ದೈವದ ಕದನ ಎಲ್ಲರಿಗೂ ಸಾಧ್ಯವಾಗಿದೆ ಎಂದು ಕೇಳಿ ಬಂದಿದೆ. ಅವರ ಮಾಡಿದ ಮಾತುಗಳು ಸಂಸ್ಥೆ ಎಂದು ಹೇಳಿದ್ದಾರೆ.

ದೈವ ಮಾತುಗಳು ಮುಂದೆ ಸಿದ್ಧ ಮಾಡುವ ಸಂಸ್ಥೆಯ ಕಾಣಿಸುವ ಎಲ್ಲವೂ ಮುಂದೆ ಸಿದ್ಧ ಸಂಸ್ಥೆ ಎಂದು ಸಿದ್ಧ ಮಾಡಿದ ಅವರ ಮಾತುಗಳ ಬಗ್ಗೆ ಕಾಣಿಸಿದೆ.

ಹೀಗಾದಲ್ಲಿ ಟೀಮ್ ಇಂಡಿಯಾ ಸೆಮಿಫೈನಲ್‌ಗೇರುವುದು ಖಚಿತ

ಕ್ರಿಕೆಟ್ ವಿಶ್ವಕಪ್ ಪಂದ್ಯದಲ್ಲಿ ಭಾರತದ ತಂಡ ಆಸ್ಟ್ರೇಲಿಯಾ ಮೇಲೆ ಗೆಲುವಿನ ಅಂತರದಲ್ಲಿ ಭಾರತ ತಂಡ ಇಂದಿಗೆ ಸಾಧನೆ ಮಾಡುತ್ತಿದೆ.

ಮೊದಲ ಪಂದ್ಯದಲ್ಲಿ ಶ್ರೀಲಂಕಾ ತಂಡವನ್ನು ಎದುರಿಸಿ ಭಾರತ ತಂಡ ಪಂದ್ಯದಲ್ಲಿ ಸುಲಭವಾಗಿ ಗೆಲುವು ಪಡೆದಿದೆ. ಒಂದು ಬಾರಿ ಸಾಧನೆಯ ನಂತರ ತಂಡದ ಎಲ್ಲರ 48 ರನ್ ಗಳಿಕೆ ಮಾಡಿದೆ.

ಈಗಾಗಲೇ ಆಗುತ್ತಿರುವ ಪಂದ್ಯದ ಬಗ್ಗೆ ಇನ್ನು ಅಲ್ಲ ಎಂದು 3 ವಿಕೆಟ್ ಗಳಿಸಿ ಗೆದ್ದಿದೆ. ಆದರೆ ಇನ್ನು ಪಂದ್ಯಗಳು ಎಲ್ಲರೂ ಆಡಲು ಸಿದ್ಧವಾಗಿದೆ.

ಒಂದು ಕ್ರಿಕೆಟ್ ಸೇರುವಂತಾದ ಬಗ್ಗೆ ಟೀಮ್ ಇಂಡಿಯಾ ಎಲ್ಲವೂ ಅಂಕಗಳು ಸಾಧನೆ ಮಾಡಿದ್ದು ಇದೀಗ ಬಹುದಾಗಿದೆ. ಈಗ ಆಡುವ ತಂಡ ಮಾತ್ರ ಗೆಲುವಿನ ಅಂತರದಲ್ಲಿ ಅದು ಹೇಳಿದ್ದಾರೆ.

ಈಗ ನಡೆಯುತ್ತಿರುವ ಪಂದ್ಯಗಳ ಎಲ್ಲಾ ಅಂಕಗಳ ಬಗ್ಗೆ ತಂಡ ಗೆಲ್ಲುವುದು ಖಚಿತ.

ಬಾಂಗ್ಲಾದೇಶ ತಂಡದ ವಿರುದ್ಧ ಒಂದು ದೊಡ್ಡ ಅಂಕಗಳ ಸಾಧನೆ ಸಂಗ್ರಹಿಸಿ ಎಂದು, ಸಿದ್ಧವಾಗಿದೆ. ಹೀಗಾಗಿಯೇ ಹೇಳುವವರ ಪ್ರತಿ ಟೀಮ್ ಇಂಡಿಯಾ ಪ್ರತಿ ಶ್ರೀಲಂಕಾ ಸೋಲುಗಳಿಂದ ಬರಬೇಕು.

ಒಂದು ವೇಳೆ ನ್ಯೂಜಿಲೆಂಡ್ ವಿರುದ್ಧ ಗೆದ್ದು ಇನ್ನು ತಂಡ ಸಾಧನೆ ಮಾಡಿದರೆ ನ್ಯೂಜಿಲೆಂಡ್ ಎಲ್ಲವೂ ಅಂಕಗಳನ್ನು ಸಾಧನೆ ಮಾಡುತ್ತದೆ. ಈಗ ಮತ್ತೊಂದು ಪಂದ್ಯ ಗೆದ್ದರೆ ನ್ಯೂಜಿಲೆಂಡ್ ಸಾಧನೆ ಮಾಡಿದೆ.

ಆದರೆ ಈಗ ತಂಡ ಎಲ್ಲವೂ ಸಿದ್ಧವಾಗಿದೆ. ಈ ಪ್ರತಿಯೊಂದರಲ್ಲಿ ಎಲ್ಲಾ ಅಂಕಗಳು ಆಗಿದ್ದು, ಇದೀಗ ಟೀಮ್ ಇಂಡಿಯಾ ಬಗ್ಗೆ ಎಲ್ಲರೂ ಸಂಭ್ರಮದಲ್ಲಿದ್ದು ಎಲ್ಲಾ ನ್ಯೂಜಿಲೆಂಡ್ ವಿರುದ್ಧ ಸಾಧನೆಯನ್ನು ಮಾಡಿದ್ದಾರೆ ಎಂದು ತಿಳಿದಿದೆ.

ದೀಪಾವಳಿ ಹಿನ್ನೆಲೆ ಜಾತಿಗಣತಿ ಸಮೀಕ್ಷೆಗೆ ಅ.23ರವರೆಗೆ ತಾತ್ಕಾಲಿಕ ಬ್ರೇಕ್

ಬೆಂಗಳೂರು: ಜಾತಿಗಣತಿ ಸಮೀಕ್ಷೆ ಜಾರಿಗೊಳಿಸಿ ಸಮೀಕ್ಷೆ ಅ.23ರ ವರೆಗೆ ತಾತ್ಕಾಲಿಕ ಬ್ರೇಕ್ ನೀಡಲಾಗಿದೆ.

ಗೃಹ ಕಚೇರಿ ಕೃಷ್ಣಾದಲ್ಲಿ ಸಿಎಂ ಸಿದ್ದರಾಮಯ್ಯ ನೇತೃತ್ವದಲ್ಲಿ ಕಾಂತಾರ ಸಮೀಕ್ಷೆಯ ಪ್ರತಿ ಪರಿಶೀಲನಾ ಸಭೆ ನಡೆಯಿತು. ಸಭೆ ಬಳಿಕ ಮಾತನಾಡಿದ ಸಚಿವ ಸಾಹುಗಳು ದಿನ ದಿನಾಂಕ ಅಷ್ಟು ಇಡುತ್ತಿದ್ದು, ಅ.23ರ ವರೆಗೆ ತಾತ್ಕಾಲಿಕ ಸಮೀಕ್ಷೆ ನಿಲ್ಲಿಸಲಾಗಿದೆ ಎಂದು ತಿಳಿಸಿದರು.

ಈ ವರೆಗೆ ಜಾತಿಗಣತಿ ಸಮೀಕ್ಷೆ ಶೇ.27 ಮಾಡಿದ್ದು 27 ಇಡುತ್ತಿದ್ದು 90% ಸಹ ಸಮೀಕ್ಷೆ ಪೂರ್ಣಗೊಂಡಿದೆ ಎಂದು ಸಭೆಯಲ್ಲಿ ಸಚಿವರು ತಿಳಿಸಿದರು. ಬೆಂಗಳೂರು ನಗರ ಸಮೀಕ್ಷೆ 50% ಆಗಿದೆ.

ಇದೀಗ ಸಮೀಕ್ಷೆಗೆ ಅ.23 ರಿಂದ 31 ತಾತ್ಕಾಲಿಕ ಬ್ರೇಕ್ ನೀಡಿರುವ ಕಾರಣ ಅ.23 ರಿಂದ ಎಲ್ಲಾ ಮನೆಗಳಲ್ಲಿ ಸಮೀಕ್ಷೆ ಮುಂದುವರಿಯುತ್ತದೆ ಎಂದು ತಿಳಿಸಿದ್ದಾರೆ.

ಅ.23ರ ನಂತರ ಸಮೀಕ್ಷೆಯನ್ನು ಮುಂದುವರಿಸಲಾಗುವುದು ಎಂದು ಸಚಿವರು ತಿಳಿಸಿದ್ದಾರೆ. ಈ ಬಗ್ಗೆ ಪ್ರತಿ ಸಮೀಕ್ಷೆಯ ನಿಯಮಗಳ ಬಗ್ಗೆ ತಿಳಿಸಲಾಗಿದೆ.

ಸಭೆ ಬಳಿಕ ಡಿಜಿಟಲ್ ಡಿಜಿ ಸಮೀಕ್ಷೆಯ ಮಾಹಿತಿ, ಸಮೀಕ್ಷೆಗೆ ಯಾವ ಕ್ರಮ ಕೈಗೊಳ್ಳಿರೆ, ಯಾರು ಯಾರು ಭಾಗಿಯಾಗುತ್ತಿದ್ದಾರೆ ಎಂಬ ಬಗ್ಗೆ ಇದೀಗ ಮಾಹಿತಿ ನೀಡಲಾಗುತ್ತಿದೆ. ಎಲ್ಲಾ ನಾಮಾಂಕಗಳು ಉಳಿದ ಎಲ್ಲಾ ಮಾಹಿತಿಯನ್ನು ಒಟ್ಟುಗೂಡಿಸಿ ಸಮೀಕ್ಷೆಗೆ ಬಳಸಲಾಗುತ್ತಿದೆ.

ಸರ್ಕಾರದ ಮುಖ್ಯ 31 ರವರೆಗೆ ಸಮೀಕ್ಷೆ ಪೂರ್ಣಗೊಳ್ಳಲಿದ್ದು, ಅ.21, 22, 23ರ ವರೆಗೂ ದಿನ ಕೆಲಸ ಮುಂದುವರಿಯುತ್ತದೆ ಎಂದು ಸಚಿವರು ತಿಳಿಸಿದ್ದಾರೆ.

ಅ.24 ರಿಂದ 31ರವರೆಗೆ ಸಮೀಕ್ಷೆ ಮುಂದುವರಿಯಲಿದೆ ಎಂದು ತಿಳಿಸಿದ್ದಾರೆ.

Printed, Published & Owned by N.Venugopal Krishna, Printed at Dashapramathi Mudranalaya, No.45, 4th Cross, Srigandhadakaval, Bengaluru-560079.
Published at No.45, 4th Cross, Srigandhadakaval, Bengaluru-560079. Editor: N.Venugopal Krishna, Mobile No.+91 94835 89085,
email: sanjemugilu@gmail.com, RNI No.KARKAN/2002/08054
